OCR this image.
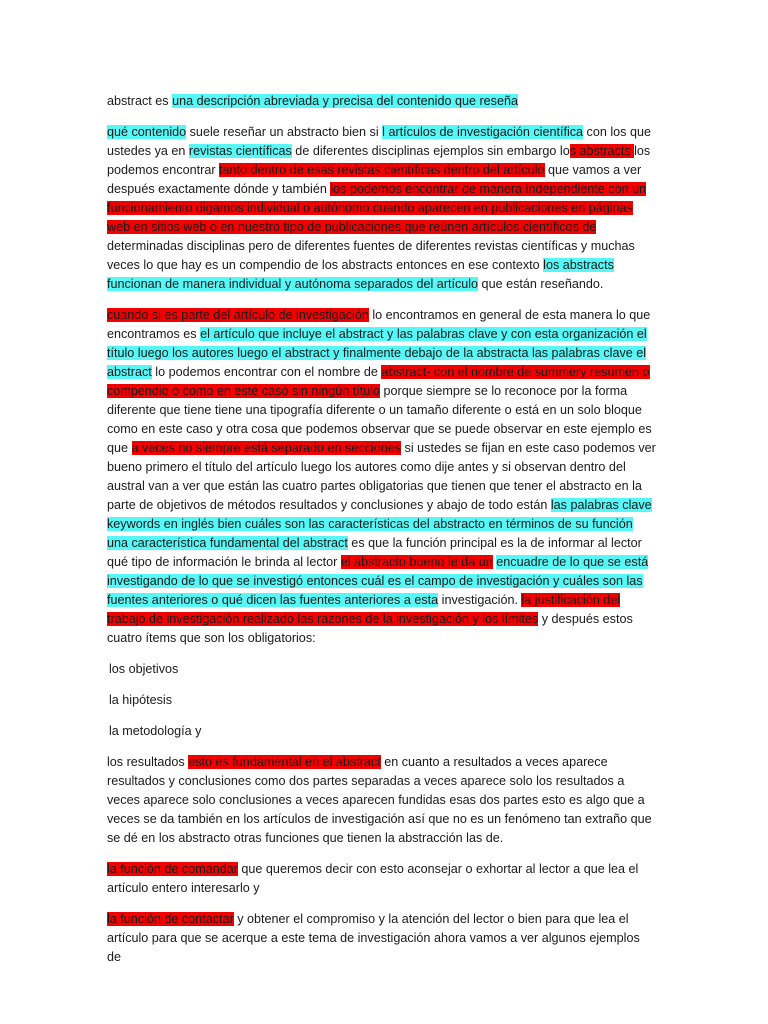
abstract es una descripción abreviada y precisa del contenido que reseña

qué contenido suele reseñar un abstracto bien si l artículos de investigación científica con los que ustedes ya en revistas científicas de diferentes disciplinas ejemplos sin embargo los abstracts los podemos encontrar tanto dentro de esas revistas científicas dentro del artículo que vamos a ver después exactamente dónde y también los podemos encontrar de manera independiente con un funcionamiento digamos individual o autónomo cuando aparecen en publicaciones en páginas web en sitios web o en nuestro tipo de publicaciones que reúnen artículos científicos de determinadas disciplinas pero de diferentes fuentes de diferentes revistas científicas y muchas veces lo que hay es un compendio de los abstracts entonces en ese contexto los abstracts funcionan de manera individual y autónoma separados del artículo que están reseñando.

cuando si es parte del artículo de investigación lo encontramos en general de esta manera lo que encontramos es el artículo que incluye el abstract y las palabras clave y con esta organización el título luego los autores luego el abstract y finalmente debajo de la abstracta las palabras clave el abstract lo podemos encontrar con el nombre de abstract- con el nombre de summery resumen o compendio o como en este caso sin ningún título porque siempre se lo reconoce por la forma diferente que tiene tiene una tipografía diferente o un tamaño diferente o está en un solo bloque como en este caso y otra cosa que podemos observar que se puede observar en este ejemplo es que a veces no siempre está separado en secciones si ustedes se fijan en este caso podemos ver bueno primero el título del artículo luego los autores como dije antes y si observan dentro del austral van a ver que están las cuatro partes obligatorias que tienen que tener el abstracto en la parte de objetivos de métodos resultados y conclusiones y abajo de todo están las palabras clave keywords en inglés bien cuáles son las características del abstracto en términos de su función una característica fundamental del abstract es que la función principal es la de informar al lector qué tipo de información le brinda al lector el abstracto bueno le da un encuadre de lo que se está investigando de lo que se investigó entonces cuál es el campo de investigación y cuáles son las fuentes anteriores o qué dicen las fuentes anteriores a esta investigación. la justificación del trabajo de investigación realizado las razones de la investigación y los límites y después estos cuatro ítems que son los obligatorios:

los objetivos

la hipótesis

la metodología y

los resultados esto es fundamental en el abstract en cuanto a resultados a veces aparece resultados y conclusiones como dos partes separadas a veces aparece solo los resultados a veces aparece solo conclusiones a veces aparecen fundidas esas dos partes esto es algo que a veces se da también en los artículos de investigación así que no es un fenómeno tan extraño que se dé en los abstracto otras funciones que tienen la abstracción las de.

la función de comandar que queremos decir con esto aconsejar o exhortar al lector a que lea el artículo entero interesarlo y

la función de contactar y obtener el compromiso y la atención del lector o bien para que lea el artículo para que se acerque a este tema de investigación ahora vamos a ver algunos ejemplos de
